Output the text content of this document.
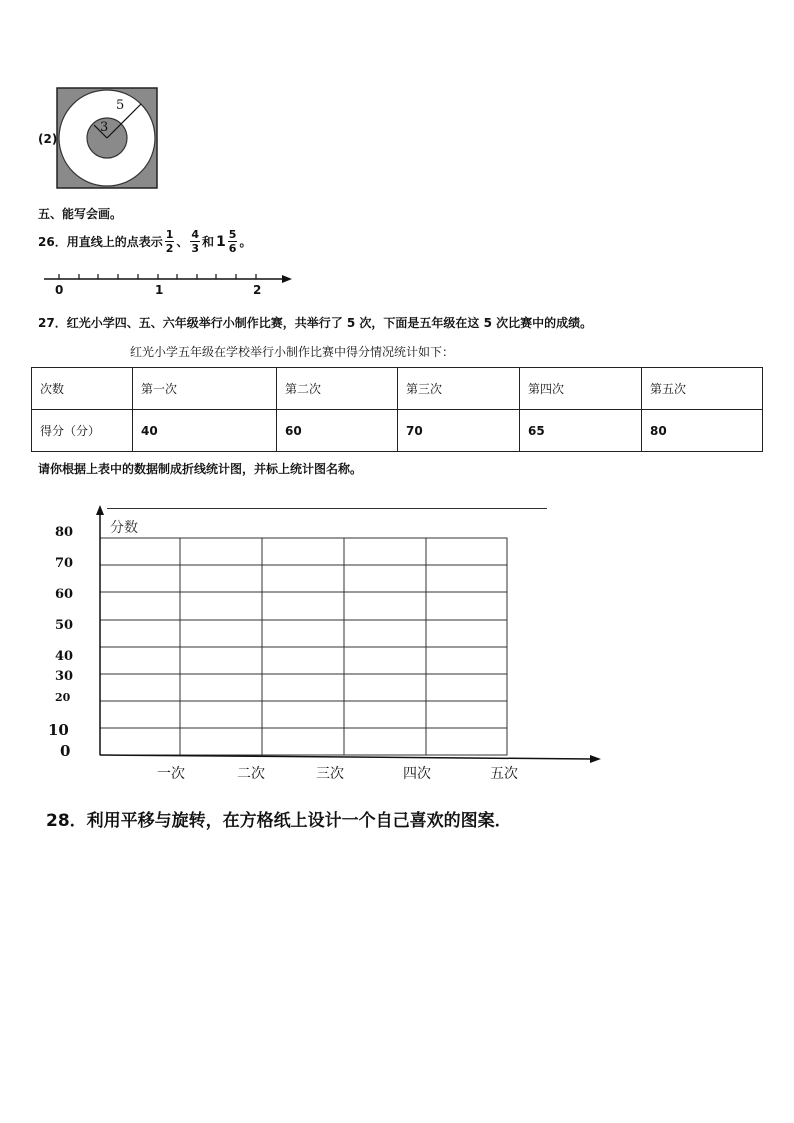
(2)
5
3
五、能写会画。
26．用直线上的点表示 $\frac{1}{2}$ 、 $\frac{4}{3}$ 和 $1 \frac{5}{6}$ 。
0	1	2
27．红光小学四、五、六年级举行小制作比赛，共举行了 5 次，下面是五年级在这 5 次比赛中的成绩。
红光小学五年级在学校举行小制作比赛中得分情况统计如下：
次数	第一次	第二次	第三次	第四次	第五次
得分（分）	40	60	70	65	80
请你根据上表中的数据制成折线统计图，并标上统计图名称。
80
70
60
50
40
30
20
10
0
分数
一次	二次	三次	四次	五次
28．利用平移与旋转，在方格纸上设计一个自己喜欢的图案．
